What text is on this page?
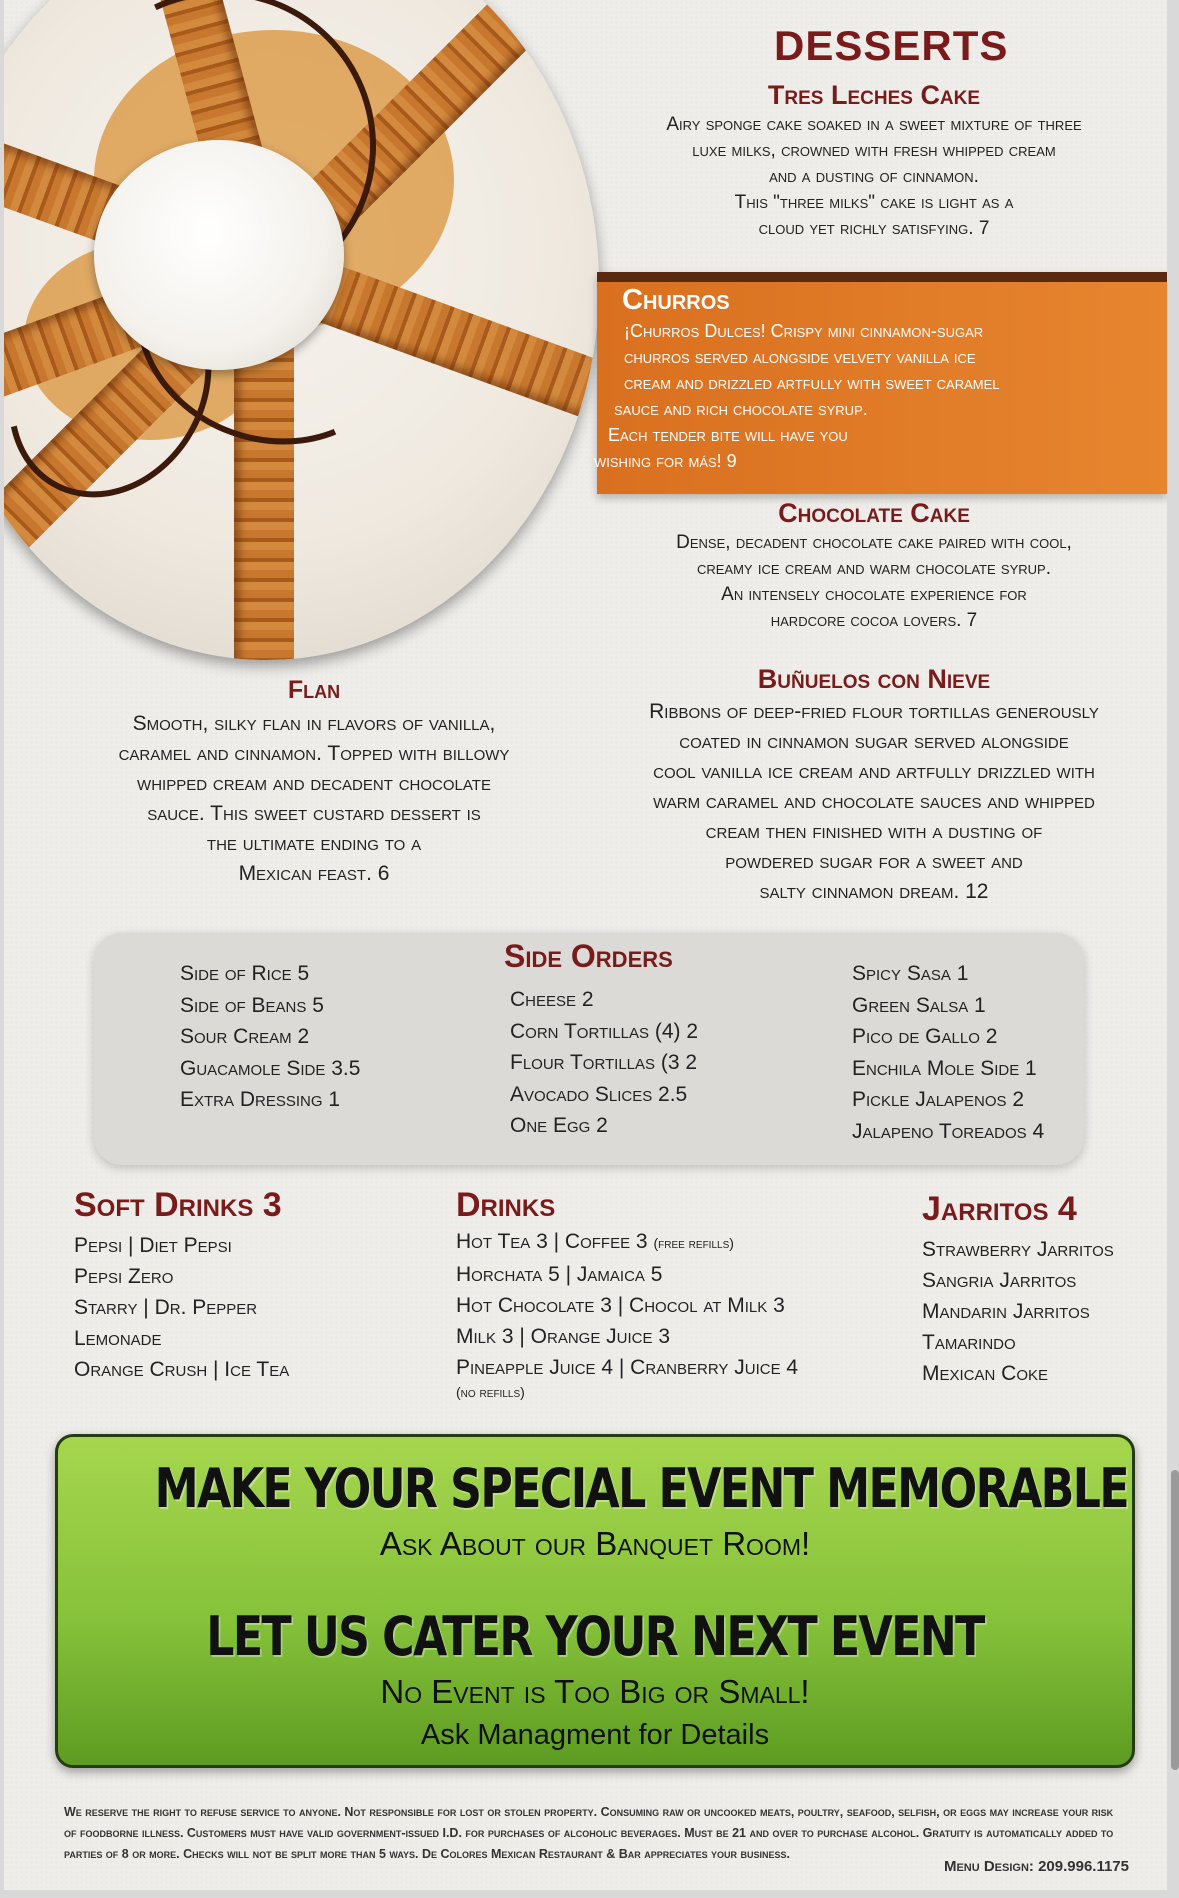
DESSERTS
Tres Leches Cake
Airy sponge cake soaked in a sweet mixture of three
luxe milks, crowned with fresh whipped cream
and a dusting of cinnamon.
This "three milks" cake is light as a
cloud yet richly satisfying. 7
Churros
¡Churros Dulces! Crispy mini cinnamon-sugar
churros served alongside velvety vanilla ice
cream and drizzled artfully with sweet caramel
sauce and rich chocolate syrup.
Each tender bite will have you
wishing for más! 9
Chocolate Cake
Dense, decadent chocolate cake paired with cool,
creamy ice cream and warm chocolate syrup.
An intensely chocolate experience for
hardcore cocoa lovers. 7
Flan
Smooth, silky flan in flavors of vanilla,
caramel and cinnamon. Topped with billowy
whipped cream and decadent chocolate
sauce. This sweet custard dessert is
the ultimate ending to a
Mexican feast. 6
Buñuelos con Nieve
Ribbons of deep-fried flour tortillas generously
coated in cinnamon sugar served alongside
cool vanilla ice cream and artfully drizzled with
warm caramel and chocolate sauces and whipped
cream then finished with a dusting of
powdered sugar for a sweet and
salty cinnamon dream. 12
Side Orders
Side of Rice 5
Side of Beans 5
Sour Cream 2
Guacamole Side 3.5
Extra Dressing 1
Cheese 2
Corn Tortillas (4) 2
Flour Tortillas (3 2
Avocado Slices 2.5
One Egg 2
Spicy Sasa 1
Green Salsa 1
Pico de Gallo 2
Enchila Mole Side 1
Pickle Jalapenos 2
Jalapeno Toreados 4
Soft Drinks 3
Pepsi | Diet Pepsi
Pepsi Zero
Starry | Dr. Pepper
Lemonade
Orange Crush | Ice Tea
Drinks
Hot Tea 3 | Coffee 3 (free refills)
Horchata 5 | Jamaica 5
Hot Chocolate 3 | Chocol at Milk 3
Milk 3 | Orange Juice 3
Pineapple Juice 4 | Cranberry Juice 4
(no refills)
Jarritos 4
Strawberry Jarritos
Sangria Jarritos
Mandarin Jarritos
Tamarindo
Mexican Coke
MAKE YOUR SPECIAL EVENT MEMORABLE
Ask About our Banquet Room!
LET US CATER YOUR NEXT EVENT
No Event is Too Big or Small!
Ask Managment for Details
We reserve the right to refuse service to anyone. Not responsible for lost or stolen property. Consuming raw or uncooked meats, poultry, seafood, selfish, or eggs may increase your risk of foodborne illness. Customers must have valid government-issued I.D. for purchases of alcoholic beverages. Must be 21 and over to purchase alcohol. Gratuity is automatically added to parties of 8 or more. Checks will not be split more than 5 ways. De Colores Mexican Restaurant & Bar appreciates your business.
Menu Design: 209.996.1175
